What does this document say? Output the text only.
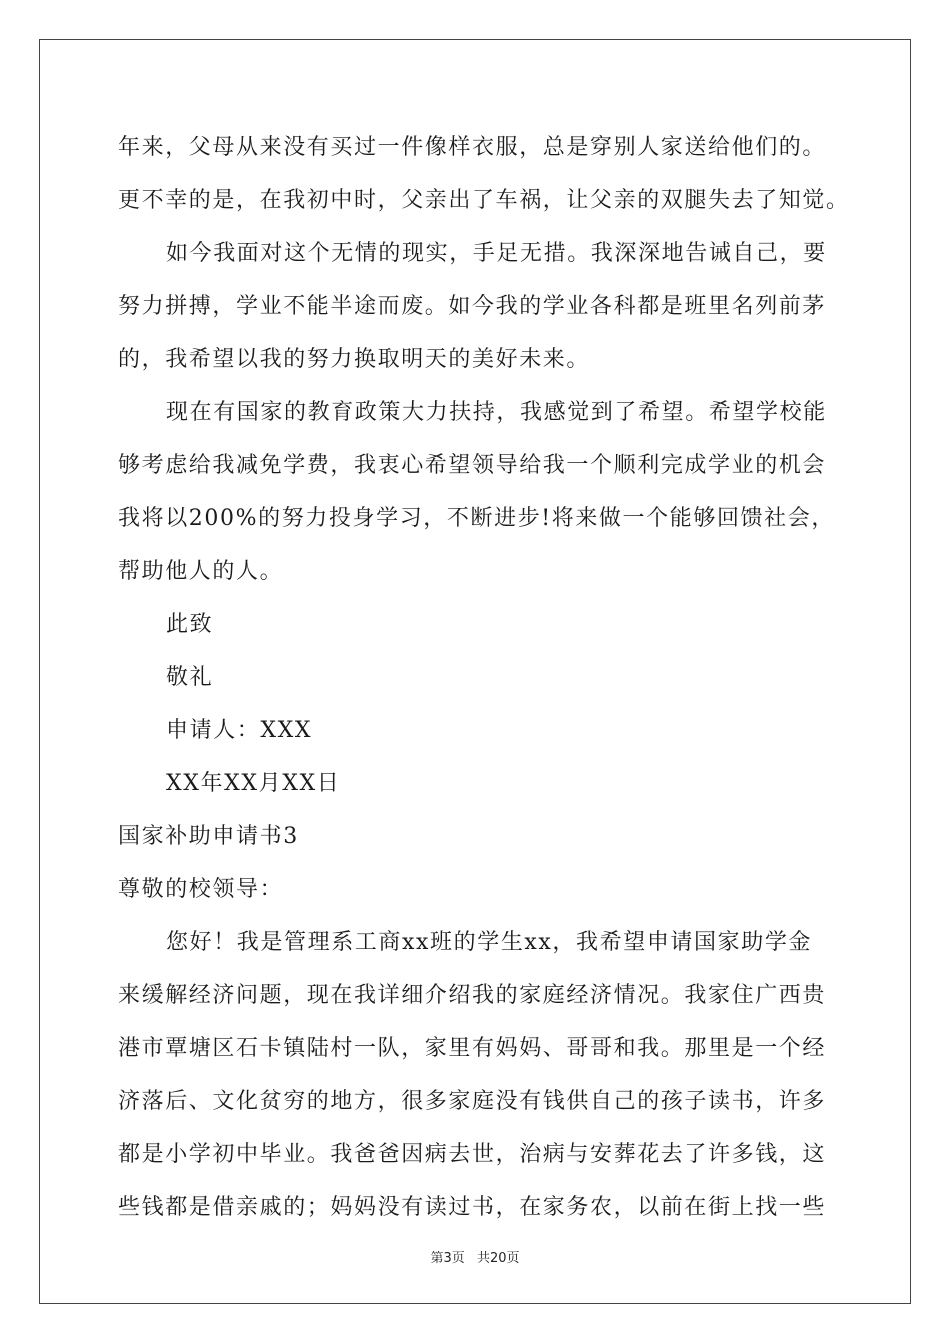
年来，父母从来没有买过一件像样衣服，总是穿别人家送给他们的。
更不幸的是，在我初中时，父亲出了车祸，让父亲的双腿失去了知觉。
如今我面对这个无情的现实，手足无措。我深深地告诫自己，要
努力拼搏，学业不能半途而废。如今我的学业各科都是班里名列前茅
的，我希望以我的努力换取明天的美好未来。
现在有国家的教育政策大力扶持，我感觉到了希望。希望学校能
够考虑给我减免学费，我衷心希望领导给我一个顺利完成学业的机会
我将以200%的努力投身学习，不断进步!将来做一个能够回馈社会，
帮助他人的人。
此致
敬礼
申请人：XXX
XX年XX月XX日
国家补助申请书3
尊敬的校领导：
您好！我是管理系工商xx班的学生xx，我希望申请国家助学金
来缓解经济问题，现在我详细介绍我的家庭经济情况。我家住广西贵
港市覃塘区石卡镇陆村一队，家里有妈妈、哥哥和我。那里是一个经
济落后、文化贫穷的地方，很多家庭没有钱供自己的孩子读书，许多
都是小学初中毕业。我爸爸因病去世，治病与安葬花去了许多钱，这
些钱都是借亲戚的；妈妈没有读过书，在家务农，以前在街上找一些
第3页 共20页
